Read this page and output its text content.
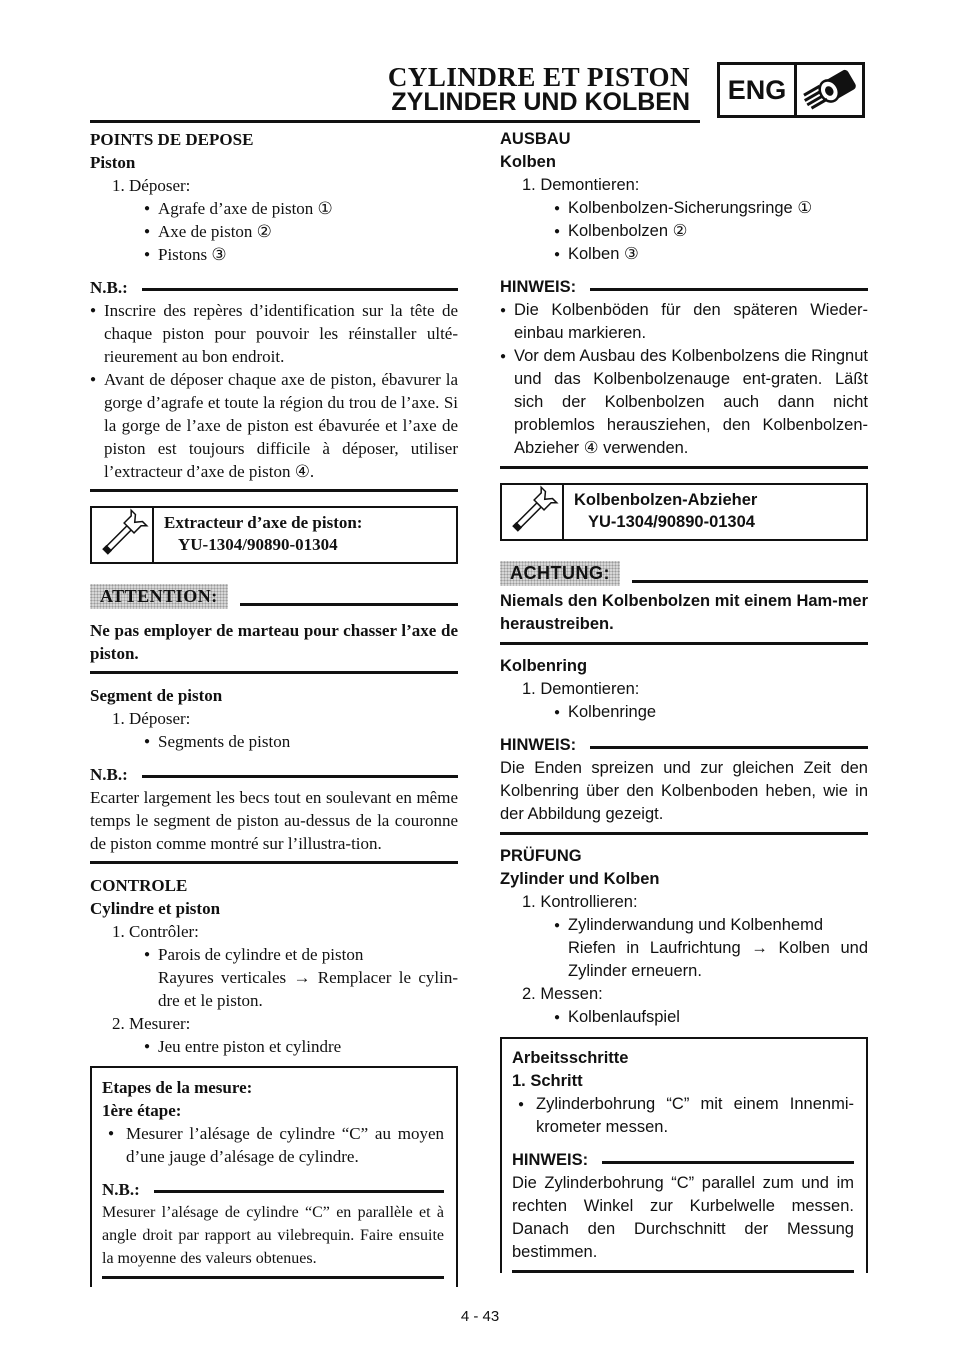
CYLINDRE ET PISTON
ZYLINDER UND KOLBEN ENG

POINTS DE DEPOSE

Piston

1. Déposer:

● Agrafe d’axe de piston ①

● Axe de piston ②

● Pistons ③

N.B.:

● Inscrire des repères d’identification sur la tête de chaque piston pour pouvoir les réinstaller ulté-rieurement au bon endroit.

● Avant de déposer chaque axe de piston, ébavurer la gorge d’agrafe et toute la région du trou de l’axe. Si la gorge de l’axe de piston est ébavurée et l’axe de piston est toujours difficile à déposer, utiliser l’extracteur d’axe de piston ④.

Extracteur d’axe de piston:
YU-1304/90890-01304
ATTENTION:

Ne pas employer de marteau pour chasser l’axe de piston.

Segment de piston

1. Déposer:

● Segments de piston

N.B.:

Ecarter largement les becs tout en soulevant en même temps le segment de piston au-dessus de la couronne de piston comme montré sur l’illustra-tion.

CONTROLE

Cylindre et piston

1. Contrôler:

● Parois de cylindre et de piston

Rayures verticales → Remplacer le cylin-dre et le piston.

2. Mesurer:

● Jeu entre piston et cylindre

Etapes de la mesure:

1ère étape:

● Mesurer l’alésage de cylindre “C” au moyen d’une jauge d’alésage de cylindre.

N.B.:

Mesurer l’alésage de cylindre “C” en parallèle et à angle droit par rapport au vilebrequin. Faire ensuite la moyenne des valeurs obtenues.

AUSBAU

Kolben

1. Demontieren:

● Kolbenbolzen-Sicherungsringe ①

● Kolbenbolzen ②

● Kolben ③

HINWEIS:

● Die Kolbenböden für den späteren Wieder-einbau markieren.

● Vor dem Ausbau des Kolbenbolzens die Ringnut und das Kolbenbolzenauge ent-graten. Läßt sich der Kolbenbolzen auch dann nicht problemlos herausziehen, den Kolbenbolzen-Abzieher ④ verwenden.

Kolbenbolzen-Abzieher
YU-1304/90890-01304
ACHTUNG:

Niemals den Kolbenbolzen mit einem Ham-mer heraustreiben.

Kolbenring

1. Demontieren:

● Kolbenringe

HINWEIS:

Die Enden spreizen und zur gleichen Zeit den Kolbenring über den Kolbenboden heben, wie in der Abbildung gezeigt.

PRÜFUNG

Zylinder und Kolben

1. Kontrollieren:

● Zylinderwandung und Kolbenhemd

Riefen in Laufrichtung → Kolben und Zylinder erneuern.

2. Messen:

● Kolbenlaufspiel

Arbeitsschritte

1. Schritt

● Zylinderbohrung “C” mit einem Innenmi-krometer messen.

HINWEIS:

Die Zylinderbohrung “C” parallel zum und im rechten Winkel zur Kurbelwelle messen. Danach den Durchschnitt der Messung bestimmen.

4 - 43
